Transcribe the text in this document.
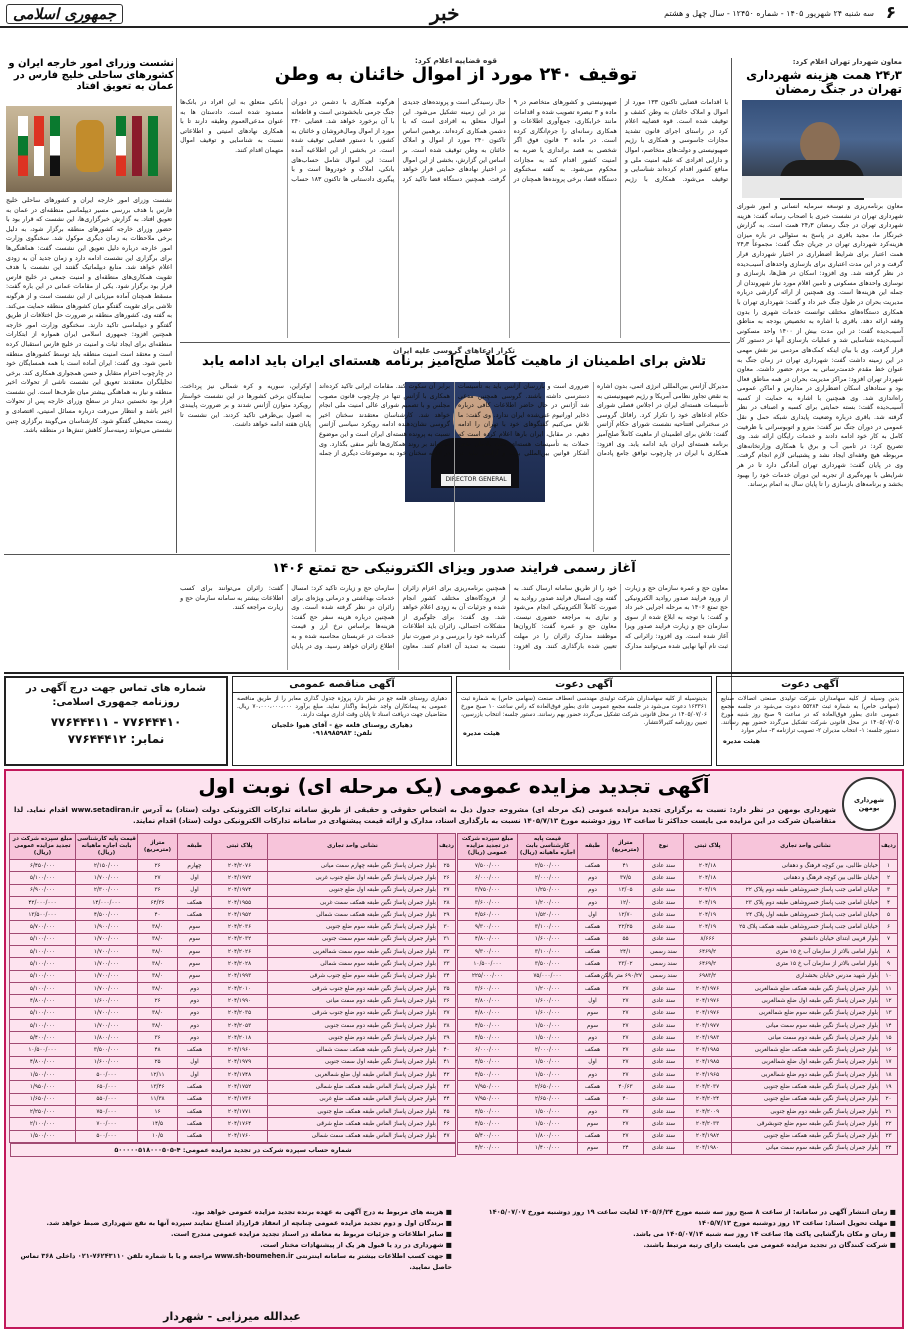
۶
سه شنبه ۲۴ شهریور ۱۴۰۵ - شماره ۱۲۴۵۰ - سال چهل و هشتم
خبر
جمهوری اسلامی
معاون شهردار تهران اعلام کرد:
۲۴٫۳ همت هزینه شهرداری تهران در جنگ رمضان
معاون برنامه‌ریزی و توسعه سرمایه انسانی و امور شورای شهرداری تهران در نشست خبری با اصحاب رسانه گفت: هزینه شهرداری تهران در جنگ رمضان ۲۴٫۳ همت است. به گزارش خبرنگار ما، مجید باقری در پاسخ به سئوالی در باره میزان هزینه‌کرد شهرداری تهران در جریان جنگ گفت: مجموعاً ۲۴٫۳ همت اعتبار برای شرایط اضطراری در اختیار شهرداری قرار گرفت و در این مدت اعتباری برای بازسازی واحدهای آسیب‌دیده در نظر گرفته شد. وی افزود: اسکان در هتل‌ها، بازسازی و نوسازی واحدهای مسکونی و تامین اقلام مورد نیاز شهروندان از جمله این هزینه‌ها است. وی همچنین از ارائه گزارشی درباره مدیریت بحران در طول جنگ خبر داد و گفت: شهرداری تهران با همکاری دستگاه‌های مختلف توانست خدمات شهری را بدون وقفه ارائه دهد. باقری با اشاره به تخصیص بودجه به مناطق آسیب‌دیده گفت: در این مدت بیش از ۱۴۰۰ واحد مسکونی آسیب‌دیده شناسایی شد و عملیات بازسازی آنها در دستور کار قرار گرفت. وی با بیان اینکه کمک‌های مردمی نیز نقش مهمی در این زمینه داشت گفت: شهرداری تهران در زمان جنگ به عنوان خط مقدم خدمت‌رسانی به مردم حضور داشت. معاون شهردار تهران افزود: مراکز مدیریت بحران در همه مناطق فعال بود و ستادهای اسکان اضطراری در مدارس و اماکن عمومی راه‌اندازی شد. وی همچنین با اشاره به حمایت از کسبه آسیب‌دیده گفت: بسته حمایتی برای کسبه و اصناف در نظر گرفته شد. باقری درباره وضعیت پایداری شبکه حمل و نقل عمومی در دوران جنگ نیز گفت: مترو و اتوبوسرانی با ظرفیت کامل به کار خود ادامه دادند و خدمات رایگان ارائه شد. وی تصریح کرد: در تامین آب و برق با همکاری وزارتخانه‌های مربوطه هیچ وقفه‌ای ایجاد نشد و پشتیبانی لازم انجام گرفت. وی در پایان گفت: شهرداری تهران آمادگی دارد تا در هر شرایطی با بهره‌گیری از تجربه این دوران خدمات خود را بهبود بخشد و برنامه‌های بازسازی را تا پایان سال به اتمام برساند.
قوه قضاییه اعلام کرد:
توقیف ۲۴۰ مورد از اموال خائنان به وطن
با اقدامات قضایی تاکنون ۱۳۳ مورد از اموال و املاک خائنان به وطن کشف و توقیف شده است. قوه قضاییه اعلام کرد در راستای اجرای قانون تشدید مجازات جاسوسی و همکاری با رژیم صهیونیستی و دولت‌های متخاصم، اموال و دارایی افرادی که علیه امنیت ملی و منافع کشور اقدام کرده‌اند شناسایی و توقیف می‌شود. همکاری با رژیم صهیونیستی و کشورهای متخاصم در ۹ ماده و ۳ تبصره تصویب شده و اقدامات مانند خرابکاری، جمع‌آوری اطلاعات و همکاری رسانه‌ای را جرم‌انگاری کرده است. در ماده ۳ قانون فوق اگر شخصی به قصد براندازی یا ضربه به امنیت کشور اقدام کند به مجازات محکوم می‌شود. به گفته سخنگوی دستگاه قضا، برخی پرونده‌ها همچنان در حال رسیدگی است و پرونده‌های جدیدی نیز در این زمینه تشکیل می‌شود. این اموال متعلق به افرادی است که با دشمن همکاری کرده‌اند. برهمین اساس تاکنون ۲۴۰ مورد از اموال و املاک خائنان به وطن توقیف شده است. بر اساس این گزارش، بخشی از این اموال در اختیار نهادهای حمایتی قرار خواهد گرفت. همچنین دستگاه قضا تاکید کرد هرگونه همکاری با دشمن در دوران جنگ جرمی نابخشودنی است و قاطعانه با آن برخورد خواهد شد. قضایی ۲۴۰ مورد از اموال ومال‌فروشان و خائنان به کشور، با دستور قضایی توقیف شده است. در بخشی از این اطلاعیه آمده است: این اموال شامل حساب‌های بانکی، املاک و خودروها است و با پیگیری دادستانی ها تاکنون ۱۸۳ حساب بانکی متعلق به این افراد در بانک‌ها مسدود شده است. دادستان ها به عنوان مدعی‌العموم وظیفه دارند تا با همکاری نهادهای امنیتی و اطلاعاتی نسبت به شناسایی و توقیف اموال متهمان اقدام کنند.
نشست وزرای امور خارجه ایران و کشورهای ساحلی خلیج فارس در عمان به تعویق افتاد
نشست وزرای امور خارجه ایران و کشورهای ساحلی خلیج فارس با هدف بررسی مسیر دیپلماسی منطقه‌ای در عمان به تعویق افتاد. به گزارش خبرگزاری‌ها، این نشست که قرار بود با حضور وزرای خارجه کشورهای منطقه برگزار شود، به دلیل برخی ملاحظات به زمان دیگری موکول شد. سخنگوی وزارت امور خارجه درباره دلیل تعویق این نشست گفت: هماهنگی‌ها برای برگزاری این نشست ادامه دارد و زمان جدید آن به زودی اعلام خواهد شد. منابع دیپلماتیک گفتند این نشست با هدف تقویت همکاری‌های منطقه‌ای و امنیت جمعی در خلیج فارس قرار بود برگزار شود. یکی از مقامات عمانی در این باره گفت: مسقط همچنان آماده میزبانی از این نشست است و از هرگونه تلاشی برای تقویت گفتگو میان کشورهای منطقه حمایت می‌کند. به گفته وی، کشورهای منطقه بر ضرورت حل اختلافات از طریق گفتگو و دیپلماسی تاکید دارند. سخنگوی وزارت امور خارجه همچنین افزود: جمهوری اسلامی ایران همواره از ابتکارات منطقه‌ای برای ایجاد ثبات و امنیت در خلیج فارس استقبال کرده است و معتقد است امنیت منطقه باید توسط کشورهای منطقه تامین شود. وی گفت: ایران آماده است با همه همسایگان خود در چارچوب احترام متقابل و حسن همجواری همکاری کند. برخی تحلیلگران معتقدند تعویق این نشست ناشی از تحولات اخیر منطقه و نیاز به هماهنگی بیشتر میان طرف‌ها است. این نشست قرار بود نخستین دیدار در سطح وزرای خارجه پس از تحولات اخیر باشد و انتظار می‌رفت درباره مسائل امنیتی، اقتصادی و زیست محیطی گفتگو شود. کارشناسان می‌گویند برگزاری چنین نشستی می‌تواند زمینه‌ساز کاهش تنش‌ها در منطقه باشد.
تکرار ادعاهای گروسی علیه ایران
تلاش برای اطمینان از ماهیت کاملاً صلح‌آمیز برنامه هسته‌ای ایران باید ادامه یابد
DIRECTOR GENERAL
مدیرکل آژانس بین‌المللی انرژی اتمی، بدون اشاره به نقض تجاوز نظامی آمریکا و رژیم صهیونیستی به تأسیسات هسته‌ای ایران در اجلاس فصلی شورای حکام ادعاهای خود را تکرار کرد. رافائل گروسی در سخنرانی افتتاحیه نشست شورای حکام آژانس گفت: تلاش برای اطمینان از ماهیت کاملاً صلح‌آمیز برنامه هسته‌ای ایران باید ادامه یابد. وی افزود: همکاری با ایران در چارچوب توافق جامع پادمان ضروری است و بازرسان آژانس باید به تأسیسات دسترسی داشته باشند. گروسی همچنین مدعی شد آژانس در حال حاضر اطلاعات کافی درباره ذخایر اورانیوم غنی‌شده ایران ندارد. وی گفت: ما تلاش می‌کنیم گفتگوهای خود با تهران را ادامه دهیم. در مقابل، ایران بارها اعلام کرده است که حملات به تأسیسات هسته‌ای تحت پادمان نقض آشکار قوانین بین‌المللی بوده و آژانس نباید در برابر آن سکوت کند. مقامات ایرانی تاکید کرده‌اند همکاری با آژانس تنها در چارچوب قانون مصوب مجلس و با تصمیم شورای عالی امنیت ملی انجام خواهد شد. کارشناسان معتقدند سخنان اخیر گروسی نشان‌دهنده ادامه رویکرد سیاسی آژانس نسبت به پرونده هسته‌ای ایران است و این موضوع می‌تواند بر روند همکاری‌ها تأثیر منفی بگذارد. وی در ادامه سخنان خود به موضوعات دیگری از جمله اوکراین، سوریه و کره شمالی نیز پرداخت. نمایندگان برخی کشورها در این نشست خواستار رویکرد متوازن آژانس شدند و بر ضرورت پایبندی به اصول بی‌طرفی تاکید کردند. این نشست تا پایان هفته ادامه خواهد داشت.
آغاز رسمی فرایند صدور ویزای الکترونیکی حج تمتع ۱۴۰۶
معاون حج و عمره سازمان حج و زیارت از ورود فرایند صدور روادید الکترونیکی حج تمتع ۱۴۰۶ به مرحله اجرایی خبر داد و گفت: با توجه به ابلاغ شده از سوی سازمان حج و زیارت فرایند صدور ویزا آغاز شده است. وی افزود: زائرانی که ثبت نام آنها نهایی شده می‌توانند مدارک خود را از طریق سامانه ارسال کنند. به گفته وی، امسال فرایند صدور روادید به صورت کاملاً الکترونیکی انجام می‌شود و نیازی به مراجعه حضوری نیست. معاون حج و عمره گفت: کاروان‌ها موظفند مدارک زائران را در مهلت تعیین شده بارگذاری کنند. وی افزود: همچنین برنامه‌ریزی برای اعزام زائران از فرودگاه‌های مختلف کشور انجام شده و جزئیات آن به زودی اعلام خواهد شد. وی گفت: برای جلوگیری از مشکلات احتمالی، زائران باید اطلاعات گذرنامه خود را بررسی و در صورت نیاز نسبت به تمدید آن اقدام کنند. معاون سازمان حج و زیارت تاکید کرد: امسال خدمات بهداشتی و درمانی ویژه‌ای برای زائران در نظر گرفته شده است. وی همچنین درباره هزینه سفر حج گفت: هزینه‌ها براساس نرخ ارز و قیمت خدمات در عربستان محاسبه شده و به اطلاع زائران خواهد رسید. وی در پایان گفت: زائران می‌توانند برای کسب اطلاعات بیشتر به سامانه سازمان حج و زیارت مراجعه کنند.
آگهی دعوت
بدین وسیله از کلیه سهامداران شرکت تولیدی صنعتی اتصالات صنایع (سهامی خاص) به شماره ثبت ۵۵۲۸۴ دعوت می‌شود در جلسه مجمع عمومی عادی بطور فوق‌العاده که در ساعت ۹ صبح روز شنبه مورخ ۱۴۰۵/۰۷/۰۵ در محل قانونی شرکت تشکیل می‌گردد حضور بهم رسانند. دستور جلسه: ۱- انتخاب مدیران ۲- تصویب ترازنامه ۳- سایر موارد
هیئت مدیره
آگهی دعوت
بدینوسیله از کلیه سهامداران شرکت تولیدی مهندسی انعطاف صنعت (سهامی خاص) به شماره ثبت ۱۶۳۳۶۱ دعوت می‌شود در جلسه مجمع عمومی عادی بطور فوق‌العاده که راس ساعت ۱۰ صبح مورخ ۱۴۰۵/۰۷/۰۶ در محل قانونی شرکت تشکیل می‌گردد حضور بهم رسانند. دستور جلسه: انتخاب بازرسین، تعیین روزنامه کثیرالانتشار.
هیئت مدیره
آگهی مناقصه عمومی
دهیاری روستای قلعه جغ در نظر دارد پروژه جدول گذاری معابر را از طریق مناقصه عمومی به پیمانکاران واجد شرایط واگذار نماید. مبلغ برآورد ۷۰،۰۰۰،۰۰۰،۰۰۰ ریال. متقاضیان جهت دریافت اسناد تا پایان وقت اداری مهلت دارند.
دهیاری روستای قلعه جغ - آقای هیوا خلجیان
تلفن: ۰۹۱۸۹۸۵۹۸۳
شماره های تماس جهت درج آگهی در روزنامه جمهوری اسلامی:
۷۷۶۴۴۴۱۰ - ۷۷۶۴۴۴۱۱
نمابر: ۷۷۶۴۴۴۱۲
شهرداری بومهن
آگهی تجدید مزایده عمومی (یک مرحله ای) نوبت اول
شهرداری بومهن در نظر دارد: نسبت به برگزاری تجدید مزایده عمومی (یک مرحله ای) مشروحه جدول ذیل به اشخاص حقوقی و حقیقی از طریق سامانه تدارکات الکترونیکی دولت (ستاد) به آدرس www.setadiran.ir اقدام نماید. لذا متقاضیان شرکت در این مزایده می بایست حداکثر تا ساعت ۱۳ روز دوشنبه مورخ ۱۴۰۵/۷/۱۳ نسبت به بارگذاری اسناد، مدارک و ارائه قیمت پیشنهادی در سامانه تدارکات الکترونیکی دولت (ستاد) اقدام نمایند.
ردیف	نشانی واحد تجاری	پلاک ثبتی	نوع	متراژ (مترمربع)	طبقه	قیمت پایه کارشناسی بابت اجاره ماهیانه (ریال)	مبلغ سپرده شرکت در تجدید مزایده عمومی (ریال)
۱	خیابان طالبی، بین کوچه فرهنگ و دهقانی	۲۰۴/۱۸	سند عادی	۴۱	همکف	۲/۵۰۰/۰۰۰	۷/۵۰۰/۰۰۰
۲	خیابان طالبی بین کوچه فرهنگ و دهقانی	۲۰۴/۱۸	سند عادی	۳۷/۵	دوم	۲/۰۰۰/۰۰۰	۶/۰۰۰/۰۰۰
۳	خیابان امامی جنب پاساژ خسروشاهی طبقه دوم پلاک ۲۲	۲۰۴/۱۹	سند عادی	۱۳/۰۵	دوم	۱/۲۵۰/۰۰۰	۳/۷۵۰/۰۰۰
۴	خیابان امامی جنب پاساژ خسروشاهی طبقه دوم پلاک ۲۳	۲۰۴/۱۹	سند عادی	۱۲/۰	دوم	۱/۲۰۰/۰۰۰	۳/۶۰۰/۰۰۰
۵	خیابان امامی جنب پاساژ خسروشاهی طبقه اول پلاک ۲۴	۲۰۴/۱۹	سند عادی	۱۲/۷۰	اول	۱/۵۲۰/۰۰۰	۴/۵۶۰/۰۰۰
۶	خیابان امامی جنب پاساژ خسروشاهی طبقه همکف پلاک ۲۵	۲۰۴/۱۹	سند عادی	۲۲/۲۵	همکف	۳/۱۰۰/۰۰۰	۹/۳۰۰/۰۰۰
۷	بلوار فریبی ابتدای خیابان دانشجو	۸/۶۶۶	سند عادی	۵۵	همکف	۱/۶۰۰/۰۰۰	۴/۸۰۰/۰۰۰
۸	بلوار امامی بالاتر از سازمان آب خ ۱۵ متری	۶۴۶۹/۲	سند رسمی	۲۴/۱	همکف	۳/۱۰۰/۰۰۰	۹/۳۰۰/۰۰۰
۹	بلوار امامی بالاتر از سازمان آب خ ۱۵ متری	۶۴۶۹/۲	سند رسمی	۳۳/۰۲	همکف	۳/۵۰۰/۰۰۰	۱۰/۵۰۰/۰۰۰
۱۰	بلوار شهید مدرس خیابان بخشداری	۶۹۸۳/۲	سند رسمی	۶۹۰/۲۷ متر بالکن	همکف	۷۵/۰۰۰/۰۰۰	۲۲۵/۰۰۰/۰۰۰
۱۱	بلوار جمران پاساژ نگین طبقه همکف ضلع شمالغربی	۲۰۴/۱۹۷۶	سند عادی	۲۷	همکف	۱/۲۰۰/۰۰۰	۳/۶۰۰/۰۰۰
۱۲	بلوار جمران پاساژ نگین طبقه اول ضلع شمالغربی	۲۰۴/۱۹۷۶	سند عادی	۲۷	اول	۱/۶۰۰/۰۰۰	۴/۸۰۰/۰۰۰
۱۳	بلوار جمران پاساژ نگین طبقه سوم ضلع شمالغربی	۲۰۴/۱۹۷۶	سند عادی	۲۷	سوم	۱/۶۰۰/۰۰۰	۴/۸۰۰/۰۰۰
۱۴	بلوار جمران پاساژ نگین طبقه سوم سمت میانی	۲۰۴/۱۹۷۷	سند عادی	۲۷	سوم	۱/۵۰۰/۰۰۰	۴/۵۰۰/۰۰۰
۱۵	بلوار جمران پاساژ نگین طبقه دوم سمت میانی	۲۰۴/۱۹۸۳	سند عادی	۲۷	دوم	۱/۵۰۰/۰۰۰	۴/۵۰۰/۰۰۰
۱۶	بلوار جمران پاساژ نگین طبقه همکف ضلع شمالغربی	۲۰۴/۱۹۸۵	سند عادی	۲۷	همکف	۲/۰۰۰/۰۰۰	۶/۰۰۰/۰۰۰
۱۷	بلوار جمران پاساژ نگین طبقه اول ضلع شمالغربی	۲۰۴/۱۹۸۵	سند عادی	۲۷	اول	۱/۵۰۰/۰۰۰	۴/۵۰۰/۰۰۰
۱۸	بلوار جمران پاساژ نگین طبقه دوم ضلع شمالغربی	۲۰۴/۱۹۶۵	سند عادی	۲۷	دوم	۱/۵۰۰/۰۰۰	۴/۵۰۰/۰۰۰
۱۹	بلوار جمران پاساژ نگین طبقه همکف ضلع جنوبی	۲۰۴/۲۰۳۷	سند عادی	۴۰/۶۳	همکف	۲/۶۵۰/۰۰۰	۷/۹۵۰/۰۰۰
۲۰	بلوار جمران پاساژ نگین طبقه همکف ضلع جنوبی	۲۰۴/۲۰۲۴	سند عادی	۴۰	همکف	۲/۶۵۰/۰۰۰	۷/۹۵۰/۰۰۰
۲۱	بلوار جمران پاساژ نگین طبقه دوم ضلع جنوبی	۲۰۴/۲۰۰۹	سند عادی	۲۷	دوم	۱/۵۰۰/۰۰۰	۴/۵۰۰/۰۰۰
۲۲	بلوار جمران پاساژ نگین طبقه سوم ضلع جنوبشرقی	۲۰۴/۲۰۳۳	سند عادی	۲۷	سوم	۱/۵۰۰/۰۰۰	۴/۵۰۰/۰۰۰
۲۳	بلوار جمران پاساژ نگین طبقه همکف ضلع جنوبی	۲۰۴/۱۹۸۲	سند عادی	۲۷	همکف	۱/۸۰۰/۰۰۰	۵/۴۰۰/۰۰۰
۲۴	بلوار جمران پاساژ نگین طبقه سوم سمت میانی	۲۰۴/۱۹۸۰	سند عادی	۲۴	سوم	۱/۴۰۰/۰۰۰	۴/۲۰۰/۰۰۰
ردیف	نشانی واحد تجاری	پلاک ثبتی	طبقه	متراژ (مترمربع)	قیمت پایه کارشناسی بابت اجاره ماهیانه (ریال)	مبلغ سپرده شرکت در تجدید مزایده عمومی (ریال)
۲۵	بلوار جمران پاساژ نگین طبقه چهارم سمت میانی	۲۰۴/۲۰۷۶	چهارم	۲۶	۲/۱۵۰/۰۰۰	۶/۴۵۰/۰۰۰
۲۶	بلوار جمران پاساژ نگین طبقه اول ضلع جنوب غربی	۲۰۴/۱۹۷۲	اول	۲۷	۱/۷۰۰/۰۰۰	۵/۱۰۰/۰۰۰
۲۷	بلوار جمران پاساژ نگین طبقه اول ضلع جنوبی	۲۰۴/۱۹۷۴	اول	۳۶	۲/۳۰۰/۰۰۰	۶/۹۰۰/۰۰۰
۲۸	بلوار جمران پاساژ نگین طبقه همکف سمت غربی	۲۰۴/۱۹۵۵	همکف	۶۴/۳۶	۱۴/۰۰۰/۰۰۰	۴۲/۰۰۰/۰۰۰
۲۹	بلوار جمران پاساژ نگین طبقه همکف سمت شمالی	۲۰۴/۱۹۵۲	همکف	۴۰	۴/۵۰۰/۰۰۰	۱۳/۵۰۰/۰۰۰
۳۰	بلوار جمران پاساژ نگین طبقه سوم ضلع جنوبی	۲۰۴/۲۰۳۶	سوم	۳۸/۰	۱/۹۰۰/۰۰۰	۵/۷۰۰/۰۰۰
۳۱	بلوار جمران پاساژ نگین طبقه سوم سمت جنوبی	۲۰۴/۲۰۳۲	سوم	۳۸/۰	۱/۷۰۰/۰۰۰	۵/۱۰۰/۰۰۰
۳۲	بلوار جمران پاساژ نگین طبقه سوم سمت شمالغربی	۲۰۴/۲۰۲۶	سوم	۳۸/۰	۱/۷۰۰/۰۰۰	۵/۱۰۰/۰۰۰
۳۳	بلوار جمران پاساژ نگین طبقه سوم سمت شمالی	۲۰۴/۲۰۲۸	سوم	۳۸/۰	۱/۷۰۰/۰۰۰	۵/۱۰۰/۰۰۰
۳۴	بلوار جمران پاساژ نگین طبقه سوم ضلع جنوب شرقی	۲۰۴/۱۹۹۳	سوم	۳۸/۰	۱/۷۰۰/۰۰۰	۵/۱۰۰/۰۰۰
۳۵	بلوار جمران پاساژ نگین طبقه دوم ضلع جنوب شرقی	۲۰۴/۲۰۱۰	دوم	۳۸/۰	۱/۷۰۰/۰۰۰	۵/۱۰۰/۰۰۰
۳۶	بلوار جمران پاساژ نگین طبقه دوم سمت میانی	۲۰۴/۱۹۹۰	دوم	۲۶	۱/۶۰۰/۰۰۰	۴/۸۰۰/۰۰۰
۳۷	بلوار جمران پاساژ نگین طبقه دوم ضلع جنوب شرقی	۲۰۴/۲۰۳۵	دوم	۳۸/۰	۱/۷۰۰/۰۰۰	۵/۱۰۰/۰۰۰
۳۸	بلوار جمران پاساژ نگین طبقه دوم سمت جنوبی	۲۰۴/۲۰۵۳	دوم	۳۸/۰	۱/۷۰۰/۰۰۰	۵/۱۰۰/۰۰۰
۳۹	بلوار جمران پاساژ نگین طبقه دوم ضلع جنوبی	۲۰۴/۲۰۱۸	دوم	۳۶	۱/۸۰۰/۰۰۰	۵/۴۰۰/۰۰۰
۴۰	بلوار جمران پاساژ نگین طبقه همکف سمت شمالی	۲۰۴/۱۹۶۰	همکف	۴۸	۳/۵۰۰/۰۰۰	۱۰/۵۰۰/۰۰۰
۴۱	بلوار جمران پاساژ نگین طبقه اول سمت جنوبی	۲۰۴/۱۹۷۹	اول	۲۵	۱/۶۰۰/۰۰۰	۴/۸۰۰/۰۰۰
۴۲	بلوار جمران پاساژ الماس طبقه اول ضلع شمالغربی	۲۰۴/۱۷۴۸	اول	۱۲/۱۱	۵۰۰/۰۰۰	۱/۵۰۰/۰۰۰
۴۳	بلوار جمران پاساژ الماس طبقه همکف ضلع شمالی	۲۰۴/۱۷۵۲	همکف	۱۳/۴۶	۶۵۰/۰۰۰	۱/۹۵۰/۰۰۰
۴۴	بلوار جمران پاساژ الماس طبقه همکف ضلع غربی	۲۰۴/۱۷۳۶	همکف	۱۱/۳۸	۵۵۰/۰۰۰	۱/۶۵۰/۰۰۰
۴۵	بلوار جمران پاساژ الماس طبقه همکف ضلع جنوبی	۲۰۴/۱۷۷۱	همکف	۱۶	۷۵۰/۰۰۰	۲/۲۵۰/۰۰۰
۴۶	بلوار جمران پاساژ الماس طبقه همکف ضلع شرقی	۲۰۴/۱۷۶۴	همکف	۱۴/۵	۷۰۰/۰۰۰	۲/۱۰۰/۰۰۰
۴۷	بلوار جمران پاساژ الماس طبقه همکف سمت شمالی	۲۰۴/۱۷۶۰	همکف	۱۰/۵	۵۰۰/۰۰۰	۱/۵۰۰/۰۰۰
شماره حساب سپرده شرکت در تجدید مزایده عمومی: ۴-۵۰۰۰۰۰۵۱۸۰۰۰۵۰۵
■ زمان انتشار آگهی در سامانه: از ساعت ۸ صبح روز سه شنبه مورخ ۱۴۰۵/۶/۲۴ لغایت ساعت ۱۹ روز دوشنبه مورخ ۱۴۰۵/۰۷/۰۷
■ مهلت تحویل اسناد: ساعت ۱۳ روز دوشنبه مورخ ۱۴۰۵/۷/۱۳
■ زمان و مکان بازگشایی پاکت ها: ساعت ۱۴ روز سه شنبه ۱۴۰۵/۰۷/۱۴ می باشد.
■ شرکت کنندگان در تجدید مزایده عمومی می بایست دارای رتبه مرتبط باشند.
■ هزینه های مربوط به درج آگهی به عهده برنده تجدید مزایده عمومی خواهد بود.
■ برندگان اول و دوم تجدید مزایده عمومی چنانچه از انعقاد قرارداد امتناع نمایند سپرده آنها به نفع شهرداری ضبط خواهد شد.
■ سایر اطلاعات و جزئیات مربوط به معامله در اسناد تجدید مزایده عمومی مندرج است.
■ شهرداری در رد یا قبول هر یک از پیشنهادات مختار است.
■ جهت کسب اطلاعات بیشتر به سامانه اینترنتی www.sh-boumehen.ir مراجعه و یا با شماره تلفن ۷۶۲۴۳۱۱۰-۰۲۱ داخلی ۳۶۸ تماس حاصل نمایید.
عبدالله میرزایی - شهردار
